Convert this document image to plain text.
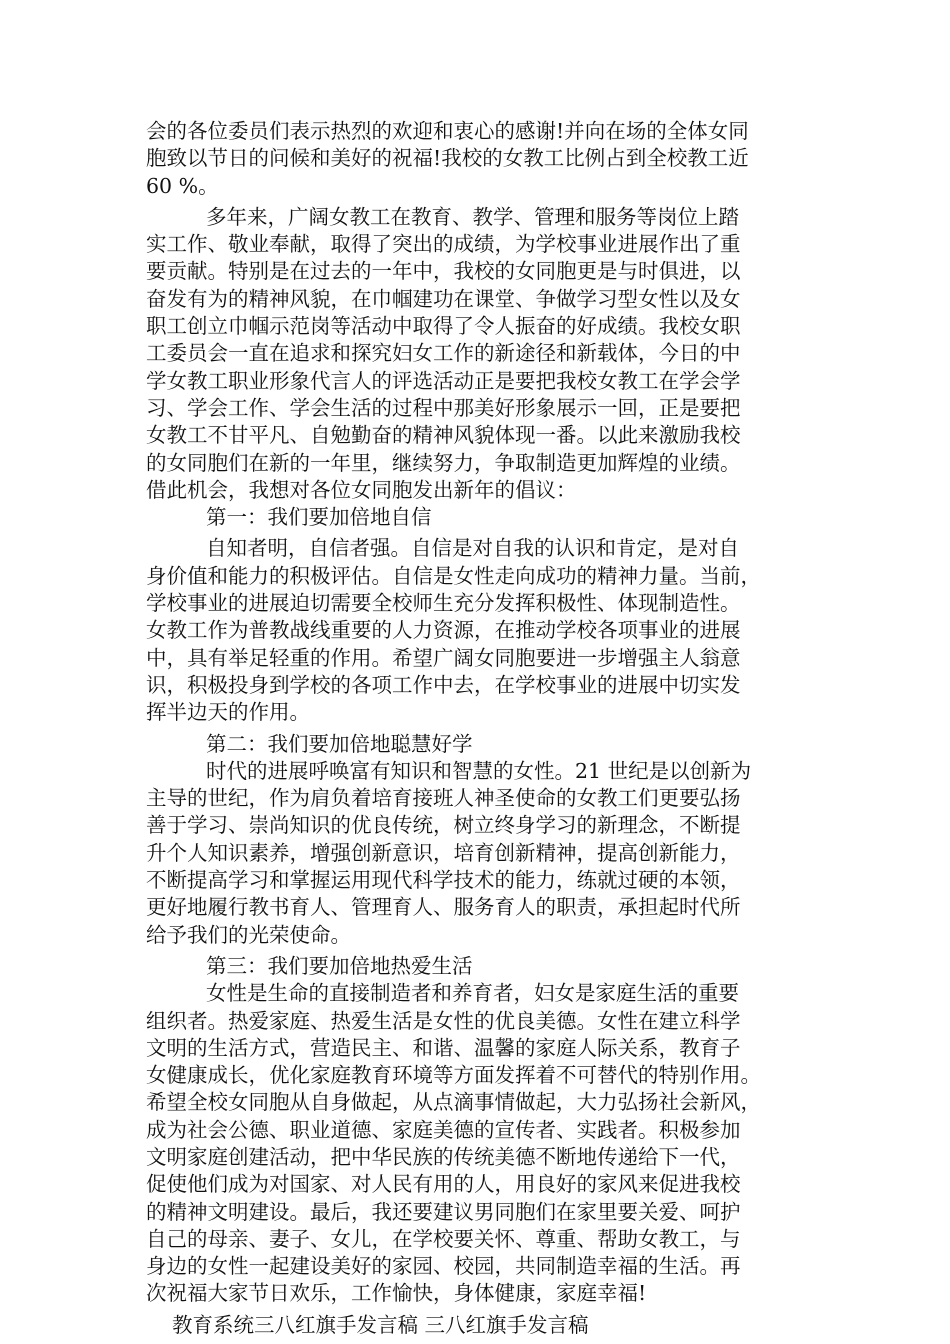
会的各位委员们表示热烈的欢迎和衷心的感谢!并向在场的全体女同
胞致以节日的问候和美好的祝福!我校的女教工比例占到全校教工近
60 %。
多年来，广阔女教工在教育、教学、管理和服务等岗位上踏
实工作、敬业奉献，取得了突出的成绩，为学校事业进展作出了重
要贡献。特别是在过去的一年中，我校的女同胞更是与时俱进，以
奋发有为的精神风貌，在巾帼建功在课堂、争做学习型女性以及女
职工创立巾帼示范岗等活动中取得了令人振奋的好成绩。我校女职
工委员会一直在追求和探究妇女工作的新途径和新载体，今日的中
学女教工职业形象代言人的评选活动正是要把我校女教工在学会学
习、学会工作、学会生活的过程中那美好形象展示一回，正是要把
女教工不甘平凡、自勉勤奋的精神风貌体现一番。以此来激励我校
的女同胞们在新的一年里，继续努力，争取制造更加辉煌的业绩。
借此机会，我想对各位女同胞发出新年的倡议：
第一：我们要加倍地自信
自知者明，自信者强。自信是对自我的认识和肯定，是对自
身价值和能力的积极评估。自信是女性走向成功的精神力量。当前，
学校事业的进展迫切需要全校师生充分发挥积极性、体现制造性。
女教工作为普教战线重要的人力资源，在推动学校各项事业的进展
中，具有举足轻重的作用。希望广阔女同胞要进一步增强主人翁意
识，积极投身到学校的各项工作中去，在学校事业的进展中切实发
挥半边天的作用。
第二：我们要加倍地聪慧好学
时代的进展呼唤富有知识和智慧的女性。21 世纪是以创新为
主导的世纪，作为肩负着培育接班人神圣使命的女教工们更要弘扬
善于学习、崇尚知识的优良传统，树立终身学习的新理念，不断提
升个人知识素养，增强创新意识，培育创新精神，提高创新能力，
不断提高学习和掌握运用现代科学技术的能力，练就过硬的本领，
更好地履行教书育人、管理育人、服务育人的职责，承担起时代所
给予我们的光荣使命。
第三：我们要加倍地热爱生活
女性是生命的直接制造者和养育者，妇女是家庭生活的重要
组织者。热爱家庭、热爱生活是女性的优良美德。女性在建立科学
文明的生活方式，营造民主、和谐、温馨的家庭人际关系，教育子
女健康成长，优化家庭教育环境等方面发挥着不可替代的特别作用。
希望全校女同胞从自身做起，从点滴事情做起，大力弘扬社会新风，
成为社会公德、职业道德、家庭美德的宣传者、实践者。积极参加
文明家庭创建活动，把中华民族的传统美德不断地传递给下一代，
促使他们成为对国家、对人民有用的人，用良好的家风来促进我校
的精神文明建设。最后，我还要建议男同胞们在家里要关爱、呵护
自己的母亲、妻子、女儿，在学校要关怀、尊重、帮助女教工，与
身边的女性一起建设美好的家园、校园，共同制造幸福的生活。再
次祝福大家节日欢乐，工作愉快，身体健康，家庭幸福!
教育系统三八红旗手发言稿 三八红旗手发言稿
